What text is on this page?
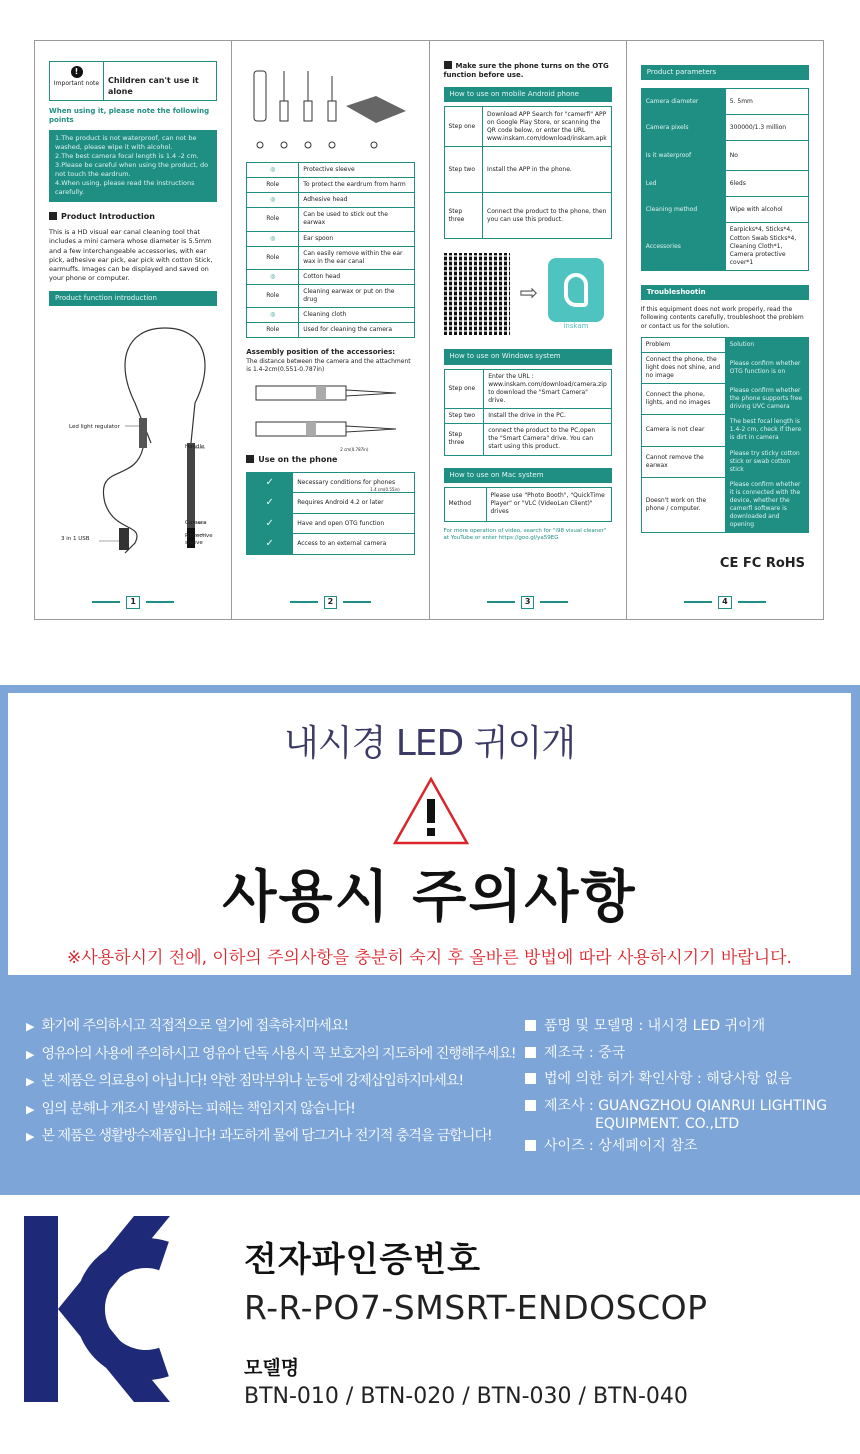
!
Important note	Children can't use it alone
When using it, please note the following points
1.The product is not waterproof, can not be washed, please wipe it with alcohol.
2.The best camera focal length is 1.4 -2 cm.
3.Please be careful when using the product, do not touch the eardrum.
4.When using, please read the instructions carefully.
Product Introduction
This is a HD visual ear canal cleaning tool that includes a mini camera whose diameter is 5.5mm and a few interchangeable accessories, with ear pick, adhesive ear pick, ear pick with cotton Stick, earmuffs. Images can be displayed and saved on your phone or computer.
Product function introduction
Led light regulator
Handle
Camera
Protective sleeve
3 in 1 USB
1
◎	Protective sleeve
Role	To protect the eardrum from harm
◎	Adhesive head
Role	Can be used to stick out the earwax
◎	Ear spoon
Role	Can easily remove within the ear wax in the ear canal
◎	Cotton head
Role	Cleaning earwax or put on the drug
◎	Cleaning cloth
Role	Used for cleaning the camera
Assembly position of the accessories:
The distance between the camera and the attachment is 1.4-2cm(0.551-0.787in)
2 cm(0.787in)
1.4 cm(0.55in)
Use on the phone
✓	Necessary conditions for phones
✓	Requires Android 4.2 or later
✓	Have and open OTG function
✓	Access to an external camera
2
Make sure the phone turns on the OTG function before use.
How to use on mobile Android phone
Step one	Download APP Search for "camerfi" APP on Google Play Store, or scanning the QR code below, or enter the URL www.inskam.com/download/inskam.apk
Step two	Install the APP in the phone.
Step three	Connect the product to the phone, then you can use this product.
⇨
inskam
How to use on Windows system
Step one	Enter the URL : www.inskam.com/download/camera.zip to download the "Smart Camera" drive.
Step two	Install the drive in the PC.
Step three	connect the product to the PC,open the "Smart Camera" drive. You can start using this product.
How to use on Mac system
Method	Please use "Photo Booth", "QuickTime Player" or "VLC (VideoLan Client)" drives
For more operation of video, search for "i98 visual cleaner" at YouTube or enter https://goo.gl/ya59EG
3
Product parameters
Camera diameter	5. 5mm
Camera pixels	300000/1.3 million
Is it waterproof	No
Led	6leds
Cleaning method	Wipe with alcohol
Accessories	Earpicks*4, Sticks*4, Cotton Swab Sticks*4, Cleaning Cloth*1, Camera protective cover*1
Troubleshootin
If this equipment does not work properly, read the following contents carefully, troubleshoot the problem or contact us for the solution.
Problem	Solution
Connect the phone, the light does not shine, and no image	Please confirm whether OTG function is on
Connect the phone, lights, and no images	Please confirm whether the phone supports free driving UVC camera
Camera is not clear	The best focal length is 1.4-2 cm, check if there is dirt in camera
Cannot remove the earwax	Please try sticky cotton stick or swab cotton stick
Doesn't work on the phone / computer.	Please confirm whether it is connected with the device, whether the camerfi software is downloaded and opening
CE FC RoHS
4
내시경 LED 귀이개
사용시 주의사항
※사용하시기 전에, 이하의 주의사항을 충분히 숙지 후 올바른 방법에 따라 사용하시기기 바랍니다.
▶ 화기에 주의하시고 직접적으로 열기에 접촉하지마세요!
▶ 영유아의 사용에 주의하시고 영유아 단독 사용시 꼭 보호자의 지도하에 진행해주세요!
▶ 본 제품은 의료용이 아닙니다! 약한 점막부위나 눈등에 강제삽입하지마세요!
▶ 임의 분해나 개조시 발생하는 피해는 책임지지 않습니다!
▶ 본 제품은 생활방수제품입니다! 과도하게 물에 담그거나 전기적 충격을 금합니다!
품명 및 모델명 : 내시경 LED 귀이개
제조국 : 중국
법에 의한 허가 확인사항 : 해당사항 없음
제조사 : GUANGZHOU QIANRUI LIGHTING

EQUIPMENT. CO.,LTD

사이즈 : 상세페이지 참조
전자파인증번호
R-R-PO7-SMSRT-ENDOSCOP
모델명
BTN-010 / BTN-020 / BTN-030 / BTN-040
